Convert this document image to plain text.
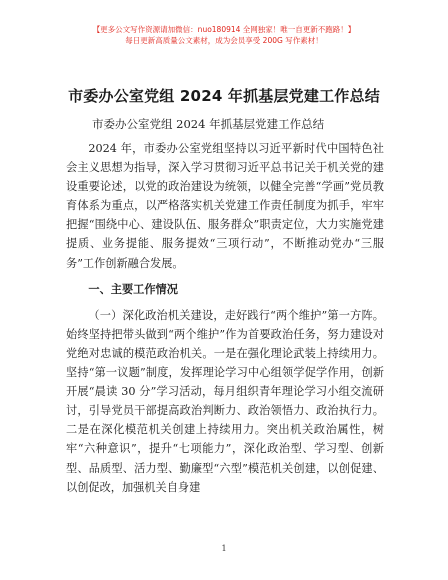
【更多公文写作资源请加微信：nuo180914 全网独家！唯一自更新不跑路！】
每日更新高质量公文素材，成为会员享受 200G 写作素材！
市委办公室党组 2024 年抓基层党建工作总结
市委办公室党组 2024 年抓基层党建工作总结

2024 年，市委办公室党组坚持以习近平新时代中国特色社会主义思想为指导，深入学习贯彻习近平总书记关于机关党的建设重要论述，以党的政治建设为统领，以健全完善“学画”党员教育体系为重点，以严格落实机关党建工作责任制度为抓手，牢牢把握“围绕中心、建设队伍、服务群众”职责定位，大力实施党建提质、业务提能、服务提效“三项行动”，不断推动党办“三服务”工作创新融合发展。

一、主要工作情况

（一）深化政治机关建设，走好践行“两个维护”第一方阵。始终坚持把带头做到“两个维护”作为首要政治任务，努力建设对党绝对忠诚的模范政治机关。一是在强化理论武装上持续用力。坚持“第一议题”制度，发挥理论学习中心组领学促学作用，创新开展“晨读 30 分”学习活动，每月组织青年理论学习小组交流研讨，引导党员干部提高政治判断力、政治领悟力、政治执行力。二是在深化模范机关创建上持续用力。突出机关政治属性，树牢“六种意识”，提升“七项能力”，深化政治型、学习型、创新型、品质型、活力型、勤廉型“六型”模范机关创建，以创促建、以创促改，加强机关自身建

1
